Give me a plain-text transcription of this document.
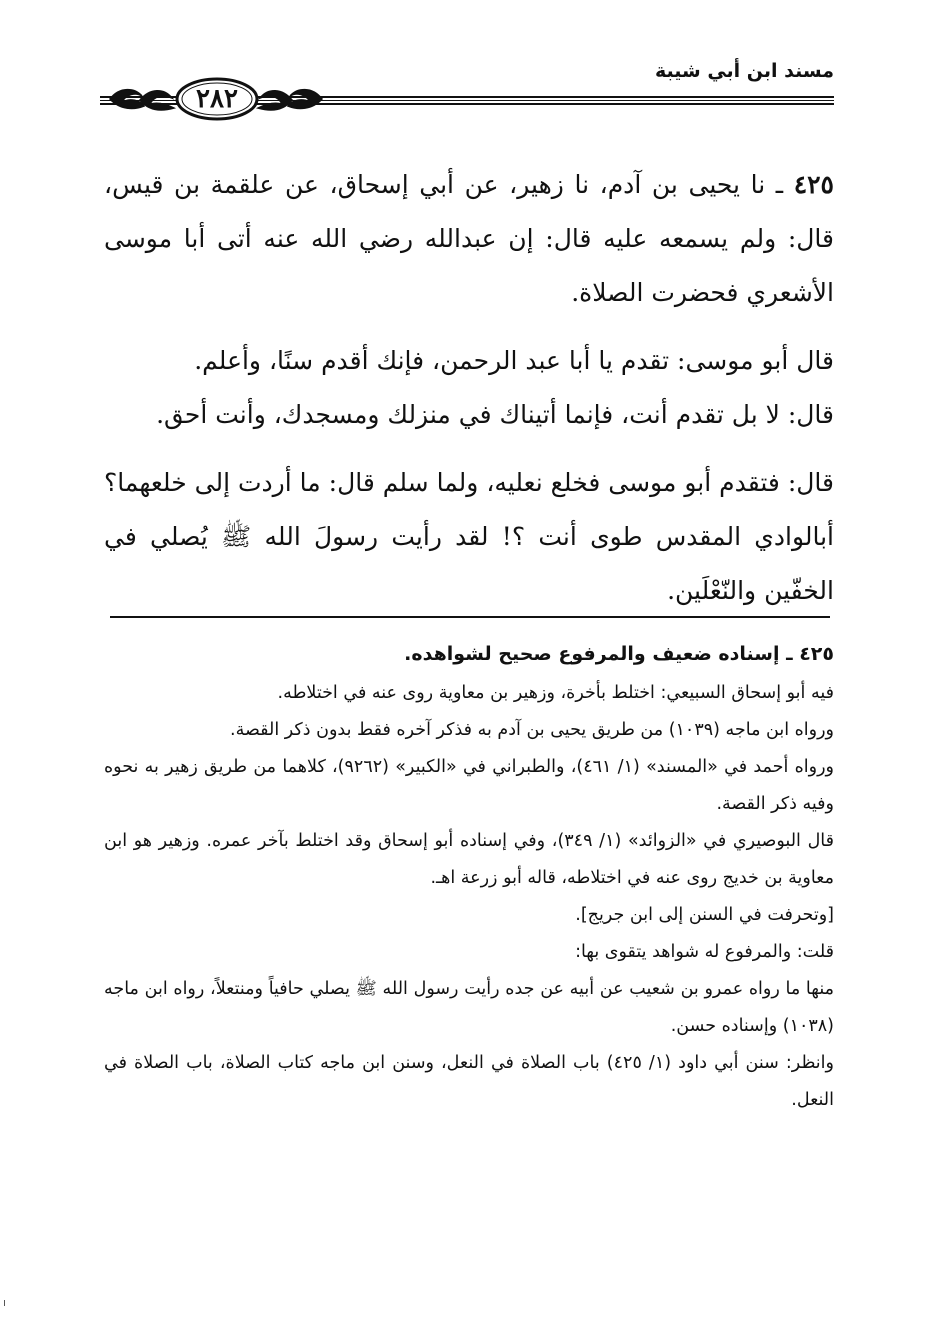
مسند ابن أبي شيبة
٢٨٢

٤٢٥ ـ نا يحيى بن آدم، نا زهير، عن أبي إسحاق، عن علقمة بن قيس، قال: ولم يسمعه عليه قال: إن عبدالله رضي الله عنه أتى أبا موسى الأشعري فحضرت الصلاة.

قال أبو موسى: تقدم يا أبا عبد الرحمن، فإنك أقدم سنًا، وأعلم.
قال: لا بل تقدم أنت، فإنما أتيناك في منزلك ومسجدك، وأنت أحق.

قال: فتقدم أبو موسى فخلع نعليه، ولما سلم قال: ما أردت إلى خلعهما؟ أبالوادي المقدس طوى أنت ؟! لقد رأيت رسولَ الله ﷺ يُصلي في الخفّين والنّعْلَين.

٤٢٥ ـ إسناده ضعيف والمرفوع صحيح لشواهده.

فيه أبو إسحاق السبيعي: اختلط بأخرة، وزهير بن معاوية روى عنه في اختلاطه.

ورواه ابن ماجه (١٠٣٩) من طريق يحيى بن آدم به فذكر آخره فقط بدون ذكر القصة.

ورواه أحمد في «المسند» (١/ ٤٦١)، والطبراني في «الكبير» (٩٢٦٢)، كلاهما من طريق زهير به نحوه وفيه ذكر القصة.

قال البوصيري في «الزوائد» (١/ ٣٤٩)، وفي إسناده أبو إسحاق وقد اختلط بآخر عمره. وزهير هو ابن معاوية بن خديج روى عنه في اختلاطه، قاله أبو زرعة اهـ.

[وتحرفت في السنن إلى ابن جريج].

قلت: والمرفوع له شواهد يتقوى بها:

منها ما رواه عمرو بن شعيب عن أبيه عن جده رأيت رسول الله ﷺ يصلي حافياً ومنتعلاً، رواه ابن ماجه (١٠٣٨) وإسناده حسن.

وانظر: سنن أبي داود (١/ ٤٢٥) باب الصلاة في النعل، وسنن ابن ماجه كتاب الصلاة، باب الصلاة في النعل.
